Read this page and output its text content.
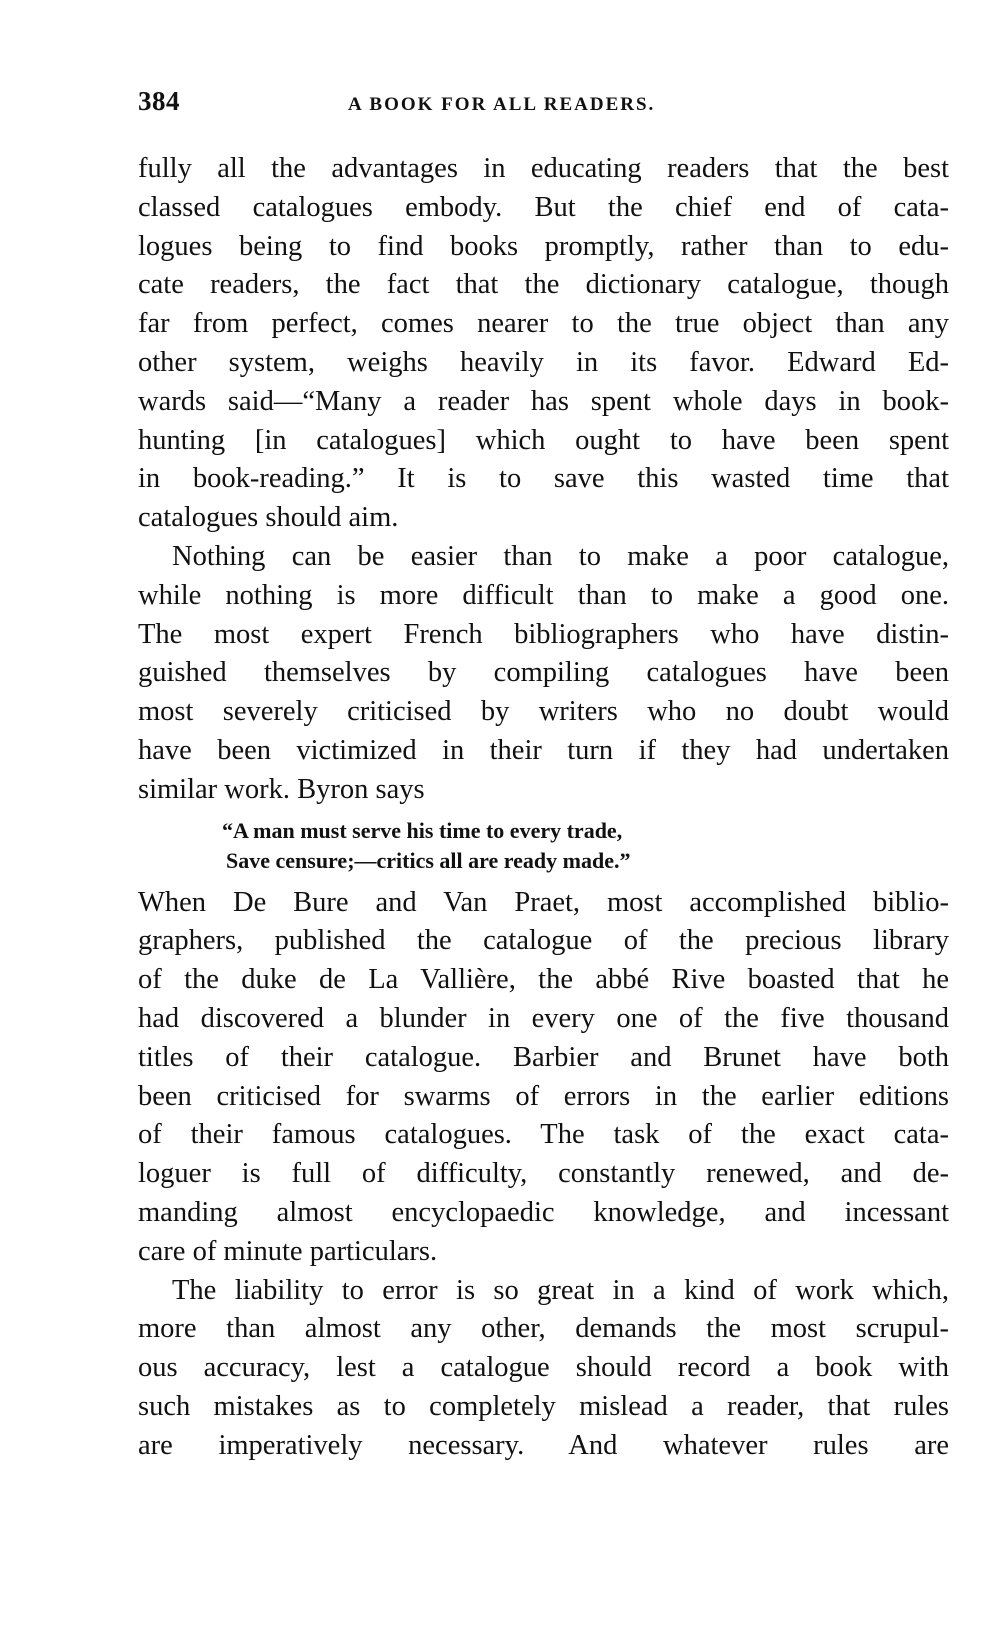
384	A BOOK FOR ALL READERS.

fully all the advantages in educating readers that the best
classed catalogues embody. But the chief end of cata-
logues being to find books promptly, rather than to edu-
cate readers, the fact that the dictionary catalogue, though
far from perfect, comes nearer to the true object than any
other system, weighs heavily in its favor. Edward Ed-
wards said—“Many a reader has spent whole days in book-
hunting [in catalogues] which ought to have been spent
in book-reading.” It is to save this wasted time that
catalogues should aim.

Nothing can be easier than to make a poor catalogue,
while nothing is more difficult than to make a good one.
The most expert French bibliographers who have distin-
guished themselves by compiling catalogues have been
most severely criticised by writers who no doubt would
have been victimized in their turn if they had undertaken
similar work. Byron says

“A man must serve his time to every trade,
Save censure;—critics all are ready made.”

When De Bure and Van Praet, most accomplished biblio-
graphers, published the catalogue of the precious library
of the duke de La Vallière, the abbé Rive boasted that he
had discovered a blunder in every one of the five thousand
titles of their catalogue. Barbier and Brunet have both
been criticised for swarms of errors in the earlier editions
of their famous catalogues. The task of the exact cata-
loguer is full of difficulty, constantly renewed, and de-
manding almost encyclopaedic knowledge, and incessant
care of minute particulars.

The liability to error is so great in a kind of work which,
more than almost any other, demands the most scrupul-
ous accuracy, lest a catalogue should record a book with
such mistakes as to completely mislead a reader, that rules
are imperatively necessary. And whatever rules are
